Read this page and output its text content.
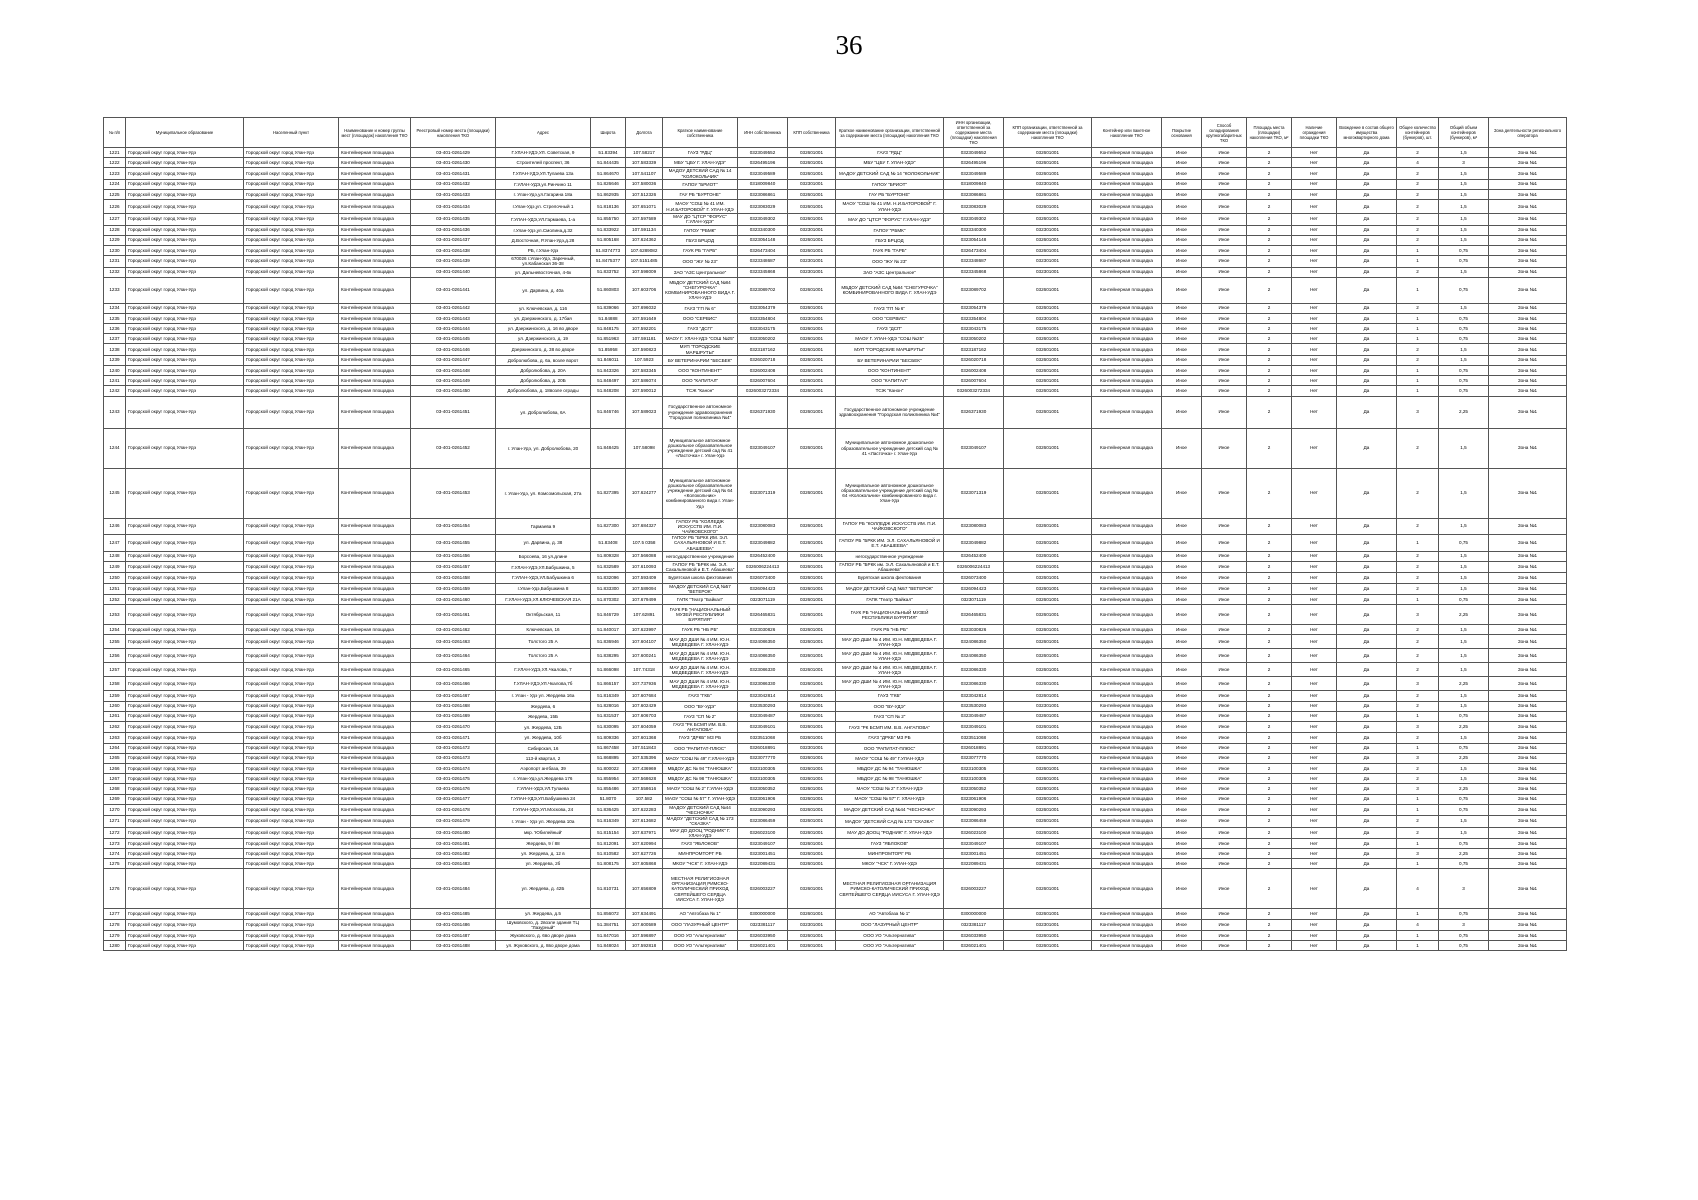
36
№ п/п	Муниципальное образование	Населенный пункт	Наименование и номер группы мест (площадок) накопления ТКО	Реестровый номер места (площадки) накопления ТКО	Адрес	Широта	Долгота	Краткое наименование собственника	ИНН собственника	КПП собственника	Краткое наименование организации, ответственной за содержание места (площадки) накопления ТКО	ИНН организации, ответственной за содержание места (площадки) накопления ТКО	КПП организации, ответственной за содержание места (площадки) накопления ТКО	Контейнер или пакетное накопление ТКО	Покрытие основания	Способ складирования крупногабаритных ТКО	Площадь места (площадки) накопления ТКО, м²	Наличие ограждения площадки ТКО	Вхождение в состав общего имущества многоквартирного дома	Общее количество контейнеров (бункеров), шт.	Общий объем контейнеров (бункеров), м³	Зона деятельности регионального оператора
1221	Городской округ город Улан-Удэ	Городской округ город Улан-Удэ	Контейнерная площадка	03-401-0261429	Г.УЛАН-УДЭ,УЛ. Советская, 9	51.83394	107.58217	ГАУЗ "РДЦ"	0323049552	032601001	ГАУЗ "РДЦ"	0323049552	032601001	Контейнерная площадка	Иное	Иное	2	Нет	Да	2	1,5	Зона №1
1222	Городской округ город Улан-Удэ	Городской округ город Улан-Удэ	Контейнерная площадка	03-401-0261430	Строителей проспект, 36	51.844435	107.583339	МБУ "ЦБУ Г. УЛАН-УДЭ"	0326495196	032601001	МБУ "ЦБУ Г. УЛАН-УДЭ"	0326495196	032601001	Контейнерная площадка	Иное	Иное	2	Нет	Да	4	3	Зона №1
1223	Городской округ город Улан-Удэ	Городской округ город Улан-Удэ	Контейнерная площадка	03-401-0261431	Г.УЛАН-УДЭ,УЛ.Тулаева 13а	51.864670	107.541107	МАДОУ ДЕТСКИЙ САД № 14 "КОЛОКОЛЬЧИК"	0323049589	032601001	МАДОУ ДЕТСКИЙ САД № 14 "КОЛОКОЛЬЧИК"	0323049589	032601001	Контейнерная площадка	Иное	Иное	2	Нет	Да	2	1,5	Зона №1
1224	Городской округ город Улан-Удэ	Городской округ город Улан-Удэ	Контейнерная площадка	03-401-0261432	Г.УЛАН-УДЭ,ул.Ринчино 11	51.826646	107.580036	ГАПОУ "БРИОТ"	0318009840	032301001	ГАПОУ "БРИОТ"	0318009840	032301001	Контейнерная площадка	Иное	Иное	2	Нет	Да	2	1,5	Зона №1
1225	Городской округ город Улан-Удэ	Городской округ город Улан-Удэ	Контейнерная площадка	03-401-0261433	г. Улан-Удэ,ул.Гагарина 18а	51.862935	107.512326	ГАУ РБ "БУРТОНЕ"	0323086861	032601001	ГАУ РБ "БУРТОНЕ"	0323086861	032601001	Контейнерная площадка	Иное	Иное	2	Нет	Да	2	1,5	Зона №1
1226	Городской округ город Улан-Удэ	Городской округ город Улан-Удэ	Контейнерная площадка	03-401-0261434	г.Улан-Удэ,ул. Стрелочный 1	51.818136	107.651071	МАОУ "СОШ № 41 ИМ. Н.И.БАТОРОВОЙ" Г. УЛАН-УДЭ	0323083029	032601001	МАОУ "СОШ № 41 ИМ. Н.И.БАТОРОВОЙ" Г. УЛАН-УДЭ	0323083029	032601001	Контейнерная площадка	Иное	Иное	2	Нет	Да	2	1,5	Зона №1
1227	Городской округ город Улан-Удэ	Городской округ город Улан-Удэ	Контейнерная площадка	03-401-0261435	Г.УЛАН-УДЭ,УЛ.Гармаева, 1-а	51.855750	107.597589	МАУ ДО "ЦТСР "ФОРУС" Г.УЛАН-УДЭ"	0323049302	032601001	МАУ ДО "ЦТСР "ФОРУС" Г.УЛАН-УДЭ"	0323049302	032601001	Контейнерная площадка	Иное	Иное	2	Нет	Да	2	1,5	Зона №1
1228	Городской округ город Улан-Удэ	Городской округ город Улан-Удэ	Контейнерная площадка	03-401-0261436	г.Улан-Удэ,ул.Смолина,д.32	51.833922	107.591134	ГАПОУ "РБМК"	0323340300	032301001	ГАПОУ "РБМК"	0323340300	032301001	Контейнерная площадка	Иное	Иное	2	Нет	Да	2	1,5	Зона №1
1229	Городской округ город Улан-Удэ	Городской округ город Улан-Удэ	Контейнерная площадка	03-401-0261437	Д.Восточная, Р.Улан-Удэ,д.28	51.805168	107.624362	ГБУЗ БРЦОД	0323054148	032601001	ГБУЗ БРЦОД	0323054148	032601001	Контейнерная площадка	Иное	Иное	2	Нет	Да	2	1,5	Зона №1
1230	Городской округ город Улан-Удэ	Городской округ город Улан-Удэ	Контейнерная площадка	03-401-0261438	РБ, г.Улан-Удэ	51.8374773	107.6289082	ГАУК РБ "ГАРБ"	0326473404	032601001	ГАУК РБ "ГАРБ"	0326473404	032601001	Контейнерная площадка	Иное	Иное	2	Нет	Да	1	0,75	Зона №1
1231	Городской округ город Улан-Удэ	Городской округ город Улан-Удэ	Контейнерная площадка	03-401-0261439	670026 г.Улан-Удэ, Заречный, ул.Кабанская 36-38	51.8475377	107.5151485	ООО "ЖУ № 23"	0323348687	032301001	ООО "ЖУ № 23"	0323348687	032301001	Контейнерная площадка	Иное	Иное	2	Нет	Да	1	0,75	Зона №1
1232	Городской округ город Улан-Удэ	Городской округ город Улан-Удэ	Контейнерная площадка	03-401-0261440	ул. Дальневосточная, 4-6к	51.833752	107.598009	ЗАО "АЗС Центральное"	0323345868	032301001	ЗАО "АЗС Центральное"	0323345868	032301001	Контейнерная площадка	Иное	Иное	2	Нет	Да	2	1,5	Зона №1
1233	Городской округ город Улан-Удэ	Городской округ город Улан-Удэ	Контейнерная площадка	03-401-0261441	ул. Дарвина, д. 40а	51.860803	107.603706	МБДОУ ДЕТСКИЙ САД №84 "СНЕГУРОЧКА" КОМБИНИРОВАННОГО ВИДА Г. УЛАН-УДЭ	0323089702	032601001	МБДОУ ДЕТСКИЙ САД №84 "СНЕГУРОЧКА" КОМБИНИРОВАННОГО ВИДА Г. УЛАН-УДЭ	0323089702	032601001	Контейнерная площадка	Иное	Иное	2	Нет	Да	1	0,75	Зона №1
1234	Городской округ город Улан-Удэ	Городской округ город Улан-Удэ	Контейнерная площадка	03-401-0261442	ул. Ключевская, д. 116	51.839066	107.696032	ГАУЗ "ГП № 6"	0323054379	032601001	ГАУЗ "ГП № 6"	0323054379	032601001	Контейнерная площадка	Иное	Иное	2	Нет	Да	2	1,5	Зона №1
1235	Городской округ город Улан-Удэ	Городской округ город Улан-Удэ	Контейнерная площадка	03-401-0261443	ул. Дзержинского, д. 17бая	51.84888	107.591649	ООО "СЕРВИС"	0323354804	032301001	ООО "СЕРВИС"	0323354804	032301001	Контейнерная площадка	Иное	Иное	2	Нет	Да	1	0,75	Зона №1
1236	Городской округ город Улан-Удэ	Городской округ город Улан-Удэ	Контейнерная площадка	03-401-0261444	ул. Дзержинского, д. 16 во дворе	51.848175	107.592201	ГАУЗ "ДСП"	0323043175	032601001	ГАУЗ "ДСП"	0323043175	032601001	Контейнерная площадка	Иное	Иное	2	Нет	Да	1	0,75	Зона №1
1237	Городской округ город Улан-Удэ	Городской округ город Улан-Удэ	Контейнерная площадка	03-401-0261445	ул. Дзержинского, д. 19	51.851963	107.591181	МАОУ Г. УЛАН-УДЭ "СОШ №25"	0323050202	032601001	МАОУ Г. УЛАН-УДЭ "СОШ №25"	0323050202	032601001	Контейнерная площадка	Иное	Иное	2	Нет	Да	1	0,75	Зона №1
1238	Городской округ город Улан-Удэ	Городской округ город Улан-Удэ	Контейнерная площадка	03-401-0261446	Дзержинского, д. 38 во дворе	51.85958	107.590823	МУП "ГОРОДСКИЕ МАРШРУТЫ"	0323187162	032601001	МУП "ГОРОДСКИЕ МАРШРУТЫ"	0323187162	032601001	Контейнерная площадка	Иное	Иное	2	Нет	Да	2	1,5	Зона №1
1239	Городской округ город Улан-Удэ	Городской округ город Улан-Удэ	Контейнерная площадка	03-401-0261447	Добролюбова, д. 6а, возле ворот	51.846011	107.5923	БУ ВЕТЕРИНАРИИ "БЕСБЕК"	0326020718	032601001	БУ ВЕТЕРИНАРИИ "БЕСБЕК"	0326020718	032601001	Контейнерная площадка	Иное	Иное	2	Нет	Да	2	1,5	Зона №1
1240	Городской округ город Улан-Удэ	Городской округ город Улан-Удэ	Контейнерная площадка	03-401-0261448	Добролюбова, д. 20А	51.843326	107.583345	ООО "КОНТИНЕНТ"	0326002408	032601001	ООО "КОНТИНЕНТ"	0326002408	032601001	Контейнерная площадка	Иное	Иное	2	Нет	Да	1	0,75	Зона №1
1241	Городской округ город Улан-Удэ	Городской округ город Улан-Удэ	Контейнерная площадка	03-401-0261449	Добролюбова, д. 20Б	51.848497	107.586074	ООО "КАПИТАЛ"	0326007604	032601001	ООО "КАПИТАЛ"	0326007604	032601001	Контейнерная площадка	Иное	Иное	2	Нет	Да	1	0,75	Зона №1
1242	Городской округ город Улан-Удэ	Городской округ город Улан-Удэ	Контейнерная площадка	03-401-0261450	Добролюбова, д. 18возле ограды	51.848208	107.590012	ТСЖ "Канон"	0326003272334	032601001	ТСЖ "Канон"	0326003272334	032601001	Контейнерная площадка	Иное	Иное	2	Нет	Да	1	0,75	Зона №1
1243	Городской округ город Улан-Удэ	Городской округ город Улан-Удэ	Контейнерная площадка	03-401-0261451	ул. Добролюбова, 6А	51.846746	107.589023	Государственное автономное учреждение здравоохранения "Городская поликлиника №4"	0326371930	032601001	Государственное автономное учреждение здравоохранения "Городская поликлиника №4"	0326371930	032601001	Контейнерная площадка	Иное	Иное	2	Нет	Да	3	2,25	Зона №1
1244	Городской округ город Улан-Удэ	Городской округ город Улан-Удэ	Контейнерная площадка	03-401-0261452	г. Улан-Удэ, ул. Добролюбова, 20	51.848425	107.58098	Муниципальное автономное дошкольное образовательное учреждение детский сад № 41 «Ласточка» г. Улан-Удэ	0323049107	032601001	Муниципальное автономное дошкольное образовательное учреждение детский сад № 41 «Ласточка» г. Улан-Удэ	0323049107	032601001	Контейнерная площадка	Иное	Иное	2	Нет	Да	2	1,5	Зона №1
1245	Городской округ город Улан-Удэ	Городской округ город Улан-Удэ	Контейнерная площадка	03-401-0261453	г. Улан-Удэ, ул. Комсомольская, 27а	51.827395	107.624277	Муниципальное автономное дошкольное образовательное учреждение детский сад № 64 «Колокольчик» комбинированного вида г. Улан-Удэ	0323071319	032601001	Муниципальное автономное дошкольное образовательное учреждение детский сад № 64 «Колокольчик» комбинированного вида г. Улан-Удэ	0323071319	032601001	Контейнерная площадка	Иное	Иное	2	Нет	Да	2	1,5	Зона №1
1246	Городской округ город Улан-Удэ	Городской округ город Улан-Удэ	Контейнерная площадка	03-401-0261454	Гармаева 9	51.827300	107.684327	ГАПОУ РБ "КОЛЛЕДЖ ИСКУССТВ ИМ. П.И. ЧАЙКОВСКОГО"	0323080083	032601001	ГАПОУ РБ "КОЛЛЕДЖ ИСКУССТВ ИМ. П.И. ЧАЙКОВСКОГО"	0323080083	032601001	Контейнерная площадка	Иное	Иное	2	Нет	Да	2	1,5	Зона №1
1247	Городской округ город Улан-Удэ	Городской округ город Улан-Удэ	Контейнерная площадка	03-401-0261455	ул. Дарвина, д. 38	51.83408	107.5 0358	ГАПОУ РБ "БРКК ИМ. Э.Л. САХАЛЬЯНОВОЙ И Е.Т. АБАШЕЕВА"	0323049882	032601001	ГАПОУ РБ "БРКК ИМ. Э.Л. САХАЛЬЯНОВОЙ И Е.Т. АБАШЕЕВА"	0323049882	032601001	Контейнерная площадка	Иное	Иное	2	Нет	Да	1	0,75	Зона №1
1248	Городской округ город Улан-Удэ	Городской округ город Улан-Удэ	Контейнерная площадка	03-401-0261456	Борсоева, 16 ул.длине	51.809328	107.566088	негосударственное учреждение	0326452400	032601001	негосударственное учреждение	0326452400	032601001	Контейнерная площадка	Иное	Иное	2	Нет	Да	2	1,5	Зона №1
1249	Городской округ город Улан-Удэ	Городской округ город Улан-Удэ	Контейнерная площадка	03-401-0261457	Г.УЛАН-УДЭ,УЛ.Бабушкина, 5	51.832589	107.610093	ГАПОУ РБ "БРКК им. Э.Л. Сахальяновой и Е.Т. Абашеева"	0326006224413	032601001	ГАПОУ РБ "БРКК им. Э.Л. Сахальяновой и Е.Т. Абашеева"	0326006224413	032601001	Контейнерная площадка	Иное	Иное	2	Нет	Да	2	1,5	Зона №1
1250	Городской округ город Улан-Удэ	Городской округ город Улан-Удэ	Контейнерная площадка	03-401-0261458	Г.УЛАН-УДЭ,УЛ.Бабушкина 6	51.832096	107.593409	Бурятская школа фехтования	0326073400	032601001	Бурятская школа фехтования	0326073400	032601001	Контейнерная площадка	Иное	Иное	2	Нет	Да	2	1,5	Зона №1
1251	Городской округ город Улан-Удэ	Городской округ город Улан-Удэ	Контейнерная площадка	03-401-0261459	г.Улан-Удэ,Бабушкина 8	51.833300	107.589094	МАДОУ ДЕТСКИЙ САД №57 "ВЕТЕРОК"	0326094423	032601001	МАДОУ ДЕТСКИЙ САД №57 "ВЕТЕРОК"	0326094423	032601001	Контейнерная площадка	Иное	Иное	2	Нет	Да	2	1,5	Зона №1
1252	Городской округ город Улан-Удэ	Городской округ город Улан-Удэ	Контейнерная площадка	03-401-0261460	Г.УЛАН-УДЭ,УЛ.КЛЮЧЕВСКАЯ 21А	51.870302	107.679499	ГАПК "Театр "Байкал"	0323071119	032601001	ГАПК "Театр "Байкал"	0323071119	032601001	Контейнерная площадка	Иное	Иное	2	Нет	Да	1	0,75	Зона №1
1253	Городской округ город Улан-Удэ	Городской округ город Улан-Удэ	Контейнерная площадка	03-401-0261461	Октябрьская, 11	51.846729	107.62891	ГАУК РБ "НАЦИОНАЛЬНЫЙ МУЗЕЙ РЕСПУБЛИКИ БУРЯТИЯ"	0326465831	032601001	ГАУК РБ "НАЦИОНАЛЬНЫЙ МУЗЕЙ РЕСПУБЛИКИ БУРЯТИЯ"	0326465831	032601001	Контейнерная площадка	Иное	Иное	2	Нет	Да	3	2,25	Зона №1
1254	Городской округ город Улан-Удэ	Городской округ город Улан-Удэ	Контейнерная площадка	03-401-0261462	Ключевская, 16	51.840017	107.623997	ГАУК РБ "НБ РБ"	0323030826	032601001	ГАУК РБ "НБ РБ"	0323030826	032601001	Контейнерная площадка	Иное	Иное	2	Нет	Да	2	1,5	Зона №1
1255	Городской округ город Улан-Удэ	Городской округ город Улан-Удэ	Контейнерная площадка	03-401-0261463	Толстого 25 А	51.836946	107.604107	МАУ ДО ДШИ № 4 ИМ. Ю.Н. МЕДВЕДЕВА Г. УЛАН-УДЭ	0324086350	032601001	МАУ ДО ДШИ № 4 ИМ. Ю.Н. МЕДВЕДЕВА Г. УЛАН-УДЭ	0324086350	032601001	Контейнерная площадка	Иное	Иное	2	Нет	Да	2	1,5	Зона №1
1256	Городской округ город Улан-Удэ	Городской округ город Улан-Удэ	Контейнерная площадка	03-401-0261464	Толстого 25 А	51.838295	107.600241	МАУ ДО ДШИ № 4 ИМ. Ю.Н. МЕДВЕДЕВА Г. УЛАН-УДЭ	0324086350	032601001	МАУ ДО ДШИ № 4 ИМ. Ю.Н. МЕДВЕДЕВА Г. УЛАН-УДЭ	0324086350	032601001	Контейнерная площадка	Иное	Иное	2	Нет	Да	2	1,5	Зона №1
1257	Городской округ город Улан-Удэ	Городской округ город Улан-Удэ	Контейнерная площадка	03-401-0261465	Г.УЛАН-УДЭ,УЛ.Чкалова, 7	51.866098	107.74318	МАУ ДО ДШИ № 4 ИМ. Ю.Н. МЕДВЕДЕВА Г. УЛАН-УДЭ	0323086330	032601001	МАУ ДО ДШИ № 4 ИМ. Ю.Н. МЕДВЕДЕВА Г. УЛАН-УДЭ	0323086330	032601001	Контейнерная площадка	Иное	Иное	2	Нет	Да	2	1,5	Зона №1
1258	Городской округ город Улан-Удэ	Городской округ город Улан-Удэ	Контейнерная площадка	03-401-0261466	Г.УЛАН-УДЭ,УЛ.Чкалова,7б	51.866157	107.737936	МАУ ДО ДШИ № 4 ИМ. Ю.Н. МЕДВЕДЕВА Г. УЛАН-УДЭ	0323086330	032601001	МАУ ДО ДШИ № 4 ИМ. Ю.Н. МЕДВЕДЕВА Г. УЛАН-УДЭ	0323086330	032601001	Контейнерная площадка	Иное	Иное	2	Нет	Да	3	2,25	Зона №1
1259	Городской округ город Улан-Удэ	Городской округ город Улан-Удэ	Контейнерная площадка	03-401-0261467	г. Улан - Удэ ул. Жердева 16а	51.816349	107.607684	ГАУЗ "ГКБ"	0323042814	032601001	ГАУЗ "ГКБ"	0323042814	032601001	Контейнерная площадка	Иное	Иное	2	Нет	Да	2	1,5	Зона №1
1260	Городской округ город Улан-Удэ	Городской округ город Улан-Удэ	Контейнерная площадка	03-401-0261468	Жердева, 6	51.828016	107.602429	ООО "ВУ-УДЭ"	0323530293	032301001	ООО "ВУ-УДЭ"	0323530293	032301001	Контейнерная площадка	Иное	Иное	2	Нет	Да	2	1,5	Зона №1
1261	Городской округ город Улан-Удэ	Городской округ город Улан-Удэ	Контейнерная площадка	03-401-0261469	Жердева, 15Б	51.831537	107.606703	ГАУЗ "СП № 2"	0323049487	032601001	ГАУЗ "СП № 2"	0323049487	032601001	Контейнерная площадка	Иное	Иное	2	Нет	Да	1	0,75	Зона №1
1262	Городской округ город Улан-Удэ	Городской округ город Улан-Удэ	Контейнерная площадка	03-401-0261470	ул. Жердева, 12Б	51.830095	107.604059	ГАУЗ "РК БСМП ИМ. В.В. АНГАПОВА"	0323049101	032601001	ГАУЗ "РК БСМП ИМ. В.В. АНГАПОВА"	0323049101	032601001	Контейнерная площадка	Иное	Иное	2	Нет	Да	3	2,25	Зона №1
1263	Городской округ город Улан-Удэ	Городской округ город Улан-Удэ	Контейнерная площадка	03-401-0261471	ул. Жердева, 10б	51.809336	107.601368	ГАУЗ "ДРКБ" МЗ РБ	0323511068	032601001	ГАУЗ "ДРКБ" МЗ РБ	0323511068	032601001	Контейнерная площадка	Иное	Иное	2	Нет	Да	2	1,5	Зона №1
1264	Городской округ город Улан-Удэ	Городской округ город Улан-Удэ	Контейнерная площадка	03-401-0261472	Сибирская, 16	51.867458	107.511843	ООО "РАПИТАТ-ПЛЮС"	0326018891	032301001	ООО "РАПИТАТ-ПЛЮС"	0326018891	032301001	Контейнерная площадка	Иное	Иное	2	Нет	Да	1	0,75	Зона №1
1265	Городской округ город Улан-Удэ	Городской округ город Улан-Удэ	Контейнерная площадка	03-401-0261473	113-й квартал, 2	51.868895	107.535396	МАОУ "СОШ № 49" Г.УЛАН-УДЭ	0323077770	032601001	МАОУ "СОШ № 49" Г.УЛАН-УДЭ	0323077770	032601001	Контейнерная площадка	Иное	Иное	2	Нет	Да	3	2,25	Зона №1
1266	Городской округ город Улан-Удэ	Городской округ город Улан-Удэ	Контейнерная площадка	03-401-0261474	Аэропорт ангбаза, 39	51.800022	107.436969	МБДОУ ДС № 94 "ТАНЮШКА"	0323100305	032601001	МБДОУ ДС № 94 "ТАНЮШКА"	0323100305	032601001	Контейнерная площадка	Иное	Иное	2	Нет	Да	2	1,5	Зона №1
1267	Городской округ город Улан-Удэ	Городской округ город Улан-Удэ	Контейнерная площадка	03-401-0261475	г. Улан-Удэ,ул.Жердева 176	51.855954	107.568628	МБДОУ ДС № 98 "ТАНЮШКА"	0323100305	032601001	МБДОУ ДС № 98 "ТАНЮШКА"	0323100305	032601001	Контейнерная площадка	Иное	Иное	2	Нет	Да	2	1,5	Зона №1
1268	Городской округ город Улан-Удэ	Городской округ город Улан-Удэ	Контейнерная площадка	03-401-0261476	Г.УЛАН-УДЭ,УЛ.Тулаева	51.855486	107.558616	МАОУ "СОШ № 2" Г.УЛАН-УДЭ	0323050352	032601001	МАОУ "СОШ № 2" Г.УЛАН-УДЭ	0323050352	032601001	Контейнерная площадка	Иное	Иное	2	Нет	Да	3	2,25	Зона №1
1269	Городской округ город Улан-Удэ	Городской округ город Улан-Удэ	Контейнерная площадка	03-401-0261477	Г.УЛАН-УДЭ,УЛ.Бабушкина 24	51.8070	107.582	МАОУ "СОШ № 57" Г. УЛАН-УДЭ	0323061906	032601001	МАОУ "СОШ № 57" Г. УЛАН-УДЭ	0323061906	032601001	Контейнерная площадка	Иное	Иное	2	Нет	Да	1	0,75	Зона №1
1270	Городской округ город Улан-Удэ	Городской округ город Улан-Удэ	Контейнерная площадка	03-401-0261478	Г.УЛАН-УДЭ,УЛ.Москова, 24	51.836425	107.622283	МАДОУ ДЕТСКИЙ САД №44 "ЧЕСНОЧКА"	0323090293	032601001	МАДОУ ДЕТСКИЙ САД №44 "ЧЕСНОЧКА"	0323090293	032601001	Контейнерная площадка	Иное	Иное	2	Нет	Да	1	0,75	Зона №1
1271	Городской округ город Улан-Удэ	Городской округ город Улан-Удэ	Контейнерная площадка	03-401-0261479	г. Улан - Удэ ул. Жердева 10а	51.816349	107.613682	МАДОУ "ДЕТСКИЙ САД № 173 "СКАЗКА"	0323086459	032601001	МАДОУ "ДЕТСКИЙ САД № 173 "СКАЗКА"	0323086459	032601001	Контейнерная площадка	Иное	Иное	2	Нет	Да	2	1,5	Зона №1
1272	Городской округ город Улан-Удэ	Городской округ город Улан-Удэ	Контейнерная площадка	03-401-0261480	мкр. 'Юбилейный'	51.815154	107.637971	МАУ ДО ДООЦ "РОДНИК" Г. УЛАН-УДЭ	0326023100	032601001	МАУ ДО ДООЦ "РОДНИК" Г. УЛАН-УДЭ	0326023100	032601001	Контейнерная площадка	Иное	Иное	2	Нет	Да	2	1,5	Зона №1
1273	Городской округ город Улан-Удэ	Городской округ город Улан-Удэ	Контейнерная площадка	03-401-0261481	Жердева, 9 / 88	51.812091	107.620994	ГАУЗ "ЯБЛОКОВ"	0323049107	032601001	ГАУЗ "ЯБЛОКОВ"	0323049107	032601001	Контейнерная площадка	Иное	Иное	2	Нет	Да	1	0,75	Зона №1
1274	Городской округ город Улан-Удэ	Городской округ город Улан-Удэ	Контейнерная площадка	03-401-0261482	ул. Жердева, д. 12 в	51.810582	107.627726	МИНПРОМТОРГ РБ	0323001451	032601001	МИНПРОМТОРГ РБ	0323001451	032601001	Контейнерная площадка	Иное	Иное	2	Нет	Да	3	2,25	Зона №1
1275	Городской округ город Улан-Удэ	Городской округ город Улан-Удэ	Контейнерная площадка	03-401-0261483	ул. Жердева, 2б	51.808175	107.605868	МКОУ "ЧСК" Г. УЛАН-УДЭ	0322089431	032601001	МКОУ "ЧСК" Г. УЛАН-УДЭ	0322089431	032601001	Контейнерная площадка	Иное	Иное	2	Нет	Да	1	0,75	Зона №1
1276	Городской округ город Улан-Удэ	Городской округ город Улан-Удэ	Контейнерная площадка	03-401-0261484	ул. Жердева, д. 42Б	51.810731	107.656809	МЕСТНАЯ РЕЛИГИОЗНАЯ ОРГАНИЗАЦИЯ РИМСКО-КАТОЛИЧЕСКИЙ ПРИХОД СВЯТЕЙШЕГО СЕРДЦА ИИСУСА Г. УЛАН-УДЭ	0326003227	032601001	МЕСТНАЯ РЕЛИГИОЗНАЯ ОРГАНИЗАЦИЯ РИМСКО-КАТОЛИЧЕСКИЙ ПРИХОД СВЯТЕЙШЕГО СЕРДЦА ИИСУСА Г. УЛАН-УДЭ	0326003227	032601001	Контейнерная площадка	Иное	Иное	2	Нет	Да	4	3	Зона №1
1277	Городской округ город Улан-Удэ	Городской округ город Улан-Удэ	Контейнерная площадка	03-401-0261485	ул. Жердева, д.5	51.856072	107.634491	АО "Автобаза № 1"	0300000000	032601001	АО "Автобаза № 1"	0300000000	032601001	Контейнерная площадка	Иное	Иное	2	Нет	Да	1	0,75	Зона №1
1278	Городской округ город Улан-Удэ	Городской округ город Улан-Удэ	Контейнерная площадка	03-401-0261486	Шумовского, д. 2возле здания ТЦ "Лазурный"	51.384751	107.600589	ООО "ЛАЗУРНЫЙ ЦЕНТР"	0323381117	032301001	ООО "ЛАЗУРНЫЙ ЦЕНТР"	0323381117	032301001	Контейнерная площадка	Иное	Иное	2	Нет	Да	4	3	Зона №1
1279	Городской округ город Улан-Удэ	Городской округ город Улан-Удэ	Контейнерная площадка	03-401-0261487	Жуковского, д. 6во дворе дома	51.847016	107.596897	ООО УО "Альтернатива"	0326033950	032601001	ООО УО "Альтернатива"	0326033950	032601001	Контейнерная площадка	Иное	Иное	2	Нет	Да	1	0,75	Зона №1
1280	Городской округ город Улан-Удэ	Городской округ город Улан-Удэ	Контейнерная площадка	03-401-0261488	ул. Жуковского, д. 8во дворе дома	51.848024	107.592818	ООО УО "Альтернатива"	0326021401	032601001	ООО УО "Альтернатива"	0326021401	032601001	Контейнерная площадка	Иное	Иное	2	Нет	Да	1	0,75	Зона №1
